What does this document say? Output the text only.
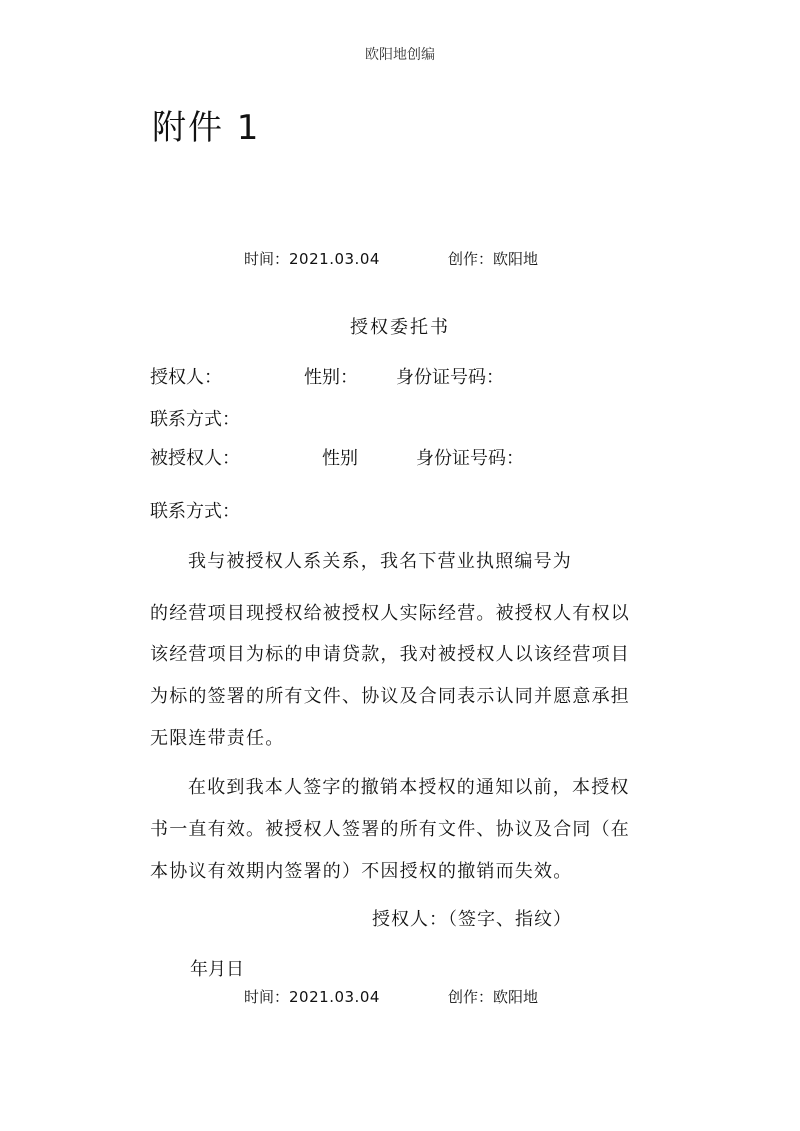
欧阳地创编
附件 1
时间：2021.03.04	创作：欧阳地
授权委托书
授权人：	性别： 身份证号码：
联系方式：
被授权人：	性别	身份证号码：
联系方式：
我与被授权人系关系，我名下营业执照编号为
的经营项目现授权给被授权人实际经营。被授权人有权以
该经营项目为标的申请贷款，我对被授权人以该经营项目
为标的签署的所有文件、协议及合同表示认同并愿意承担
无限连带责任。
在收到我本人签字的撤销本授权的通知以前，本授权
书一直有效。被授权人签署的所有文件、协议及合同（在
本协议有效期内签署的）不因授权的撤销而失效。
授权人：（签字、指纹）
年月日
时间：2021.03.04	创作：欧阳地
